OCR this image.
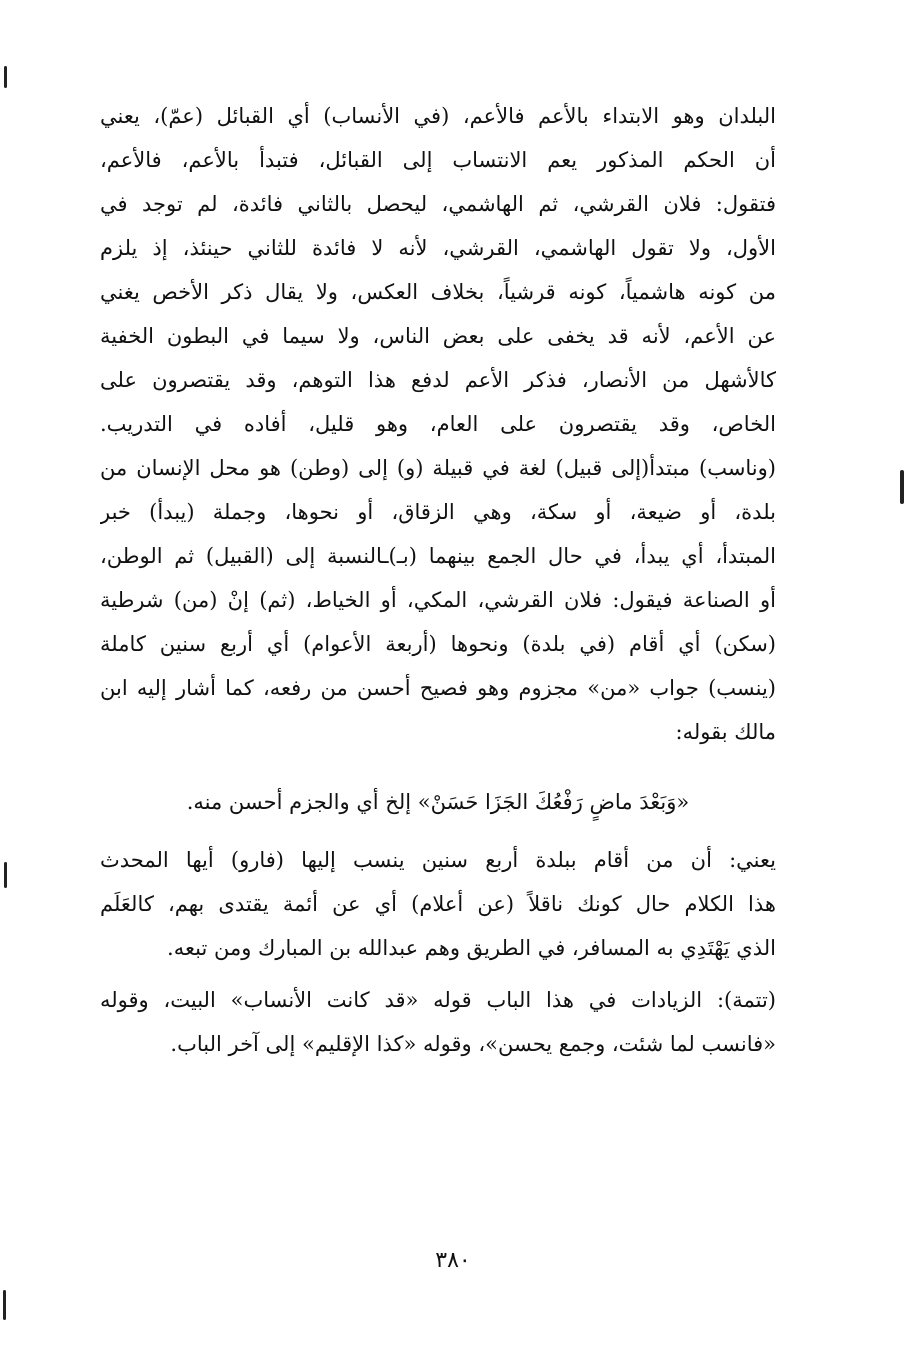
البلدان وهو الابتداء بالأعم فالأعم، (في الأنساب) أي القبائل (عمّ)، يعني
أن الحكم المذكور يعم الانتساب إلى القبائل، فتبدأ بالأعم، فالأعم،
فتقول: فلان القرشي، ثم الهاشمي، ليحصل بالثاني فائدة، لم توجد في
الأول، ولا تقول الهاشمي، القرشي، لأنه لا فائدة للثاني حينئذ، إذ يلزم
من كونه هاشمياً، كونه قرشياً، بخلاف العكس، ولا يقال ذكر الأخص يغني
عن الأعم، لأنه قد يخفى على بعض الناس، ولا سيما في البطون الخفية
كالأشهل من الأنصار، فذكر الأعم لدفع هذا التوهم، وقد يقتصرون على
الخاص، وقد يقتصرون على العام، وهو قليل، أفاده في التدريب.
(وناسب) مبتدأ(إلى قبيل) لغة في قبيلة (و) إلى (وطن) هو محل الإنسان من
بلدة، أو ضيعة، أو سكة، وهي الزقاق، أو نحوها، وجملة (يبدأ) خبر
المبتدأ، أي يبدأ، في حال الجمع بينهما (بـ)ـالنسبة إلى (القبيل) ثم الوطن،
أو الصناعة فيقول: فلان القرشي، المكي، أو الخياط، (ثم) إنْ (من) شرطية
(سكن) أي أقام (في بلدة) ونحوها (أربعة الأعوام) أي أربع سنين كاملة
(ينسب) جواب «من» مجزوم وهو فصيح أحسن من رفعه، كما أشار إليه ابن
مالك بقوله:
«وَبَعْدَ ماضٍ رَفْعُكَ الجَزَا حَسَنْ» إلخ أي والجزم أحسن منه.
يعني: أن من أقام ببلدة أربع سنين ينسب إليها (فارو) أيها المحدث
هذا الكلام حال كونك ناقلاً (عن أعلام) أي عن أئمة يقتدى بهم، كالعَلَم
الذي يَهْتَدِي به المسافر، في الطريق وهم عبدالله بن المبارك ومن تبعه.
(تتمة): الزيادات في هذا الباب قوله «قد كانت الأنساب» البيت، وقوله
«فانسب لما شئت، وجمع يحسن»، وقوله «كذا الإقليم» إلى آخر الباب.
٣٨٠
